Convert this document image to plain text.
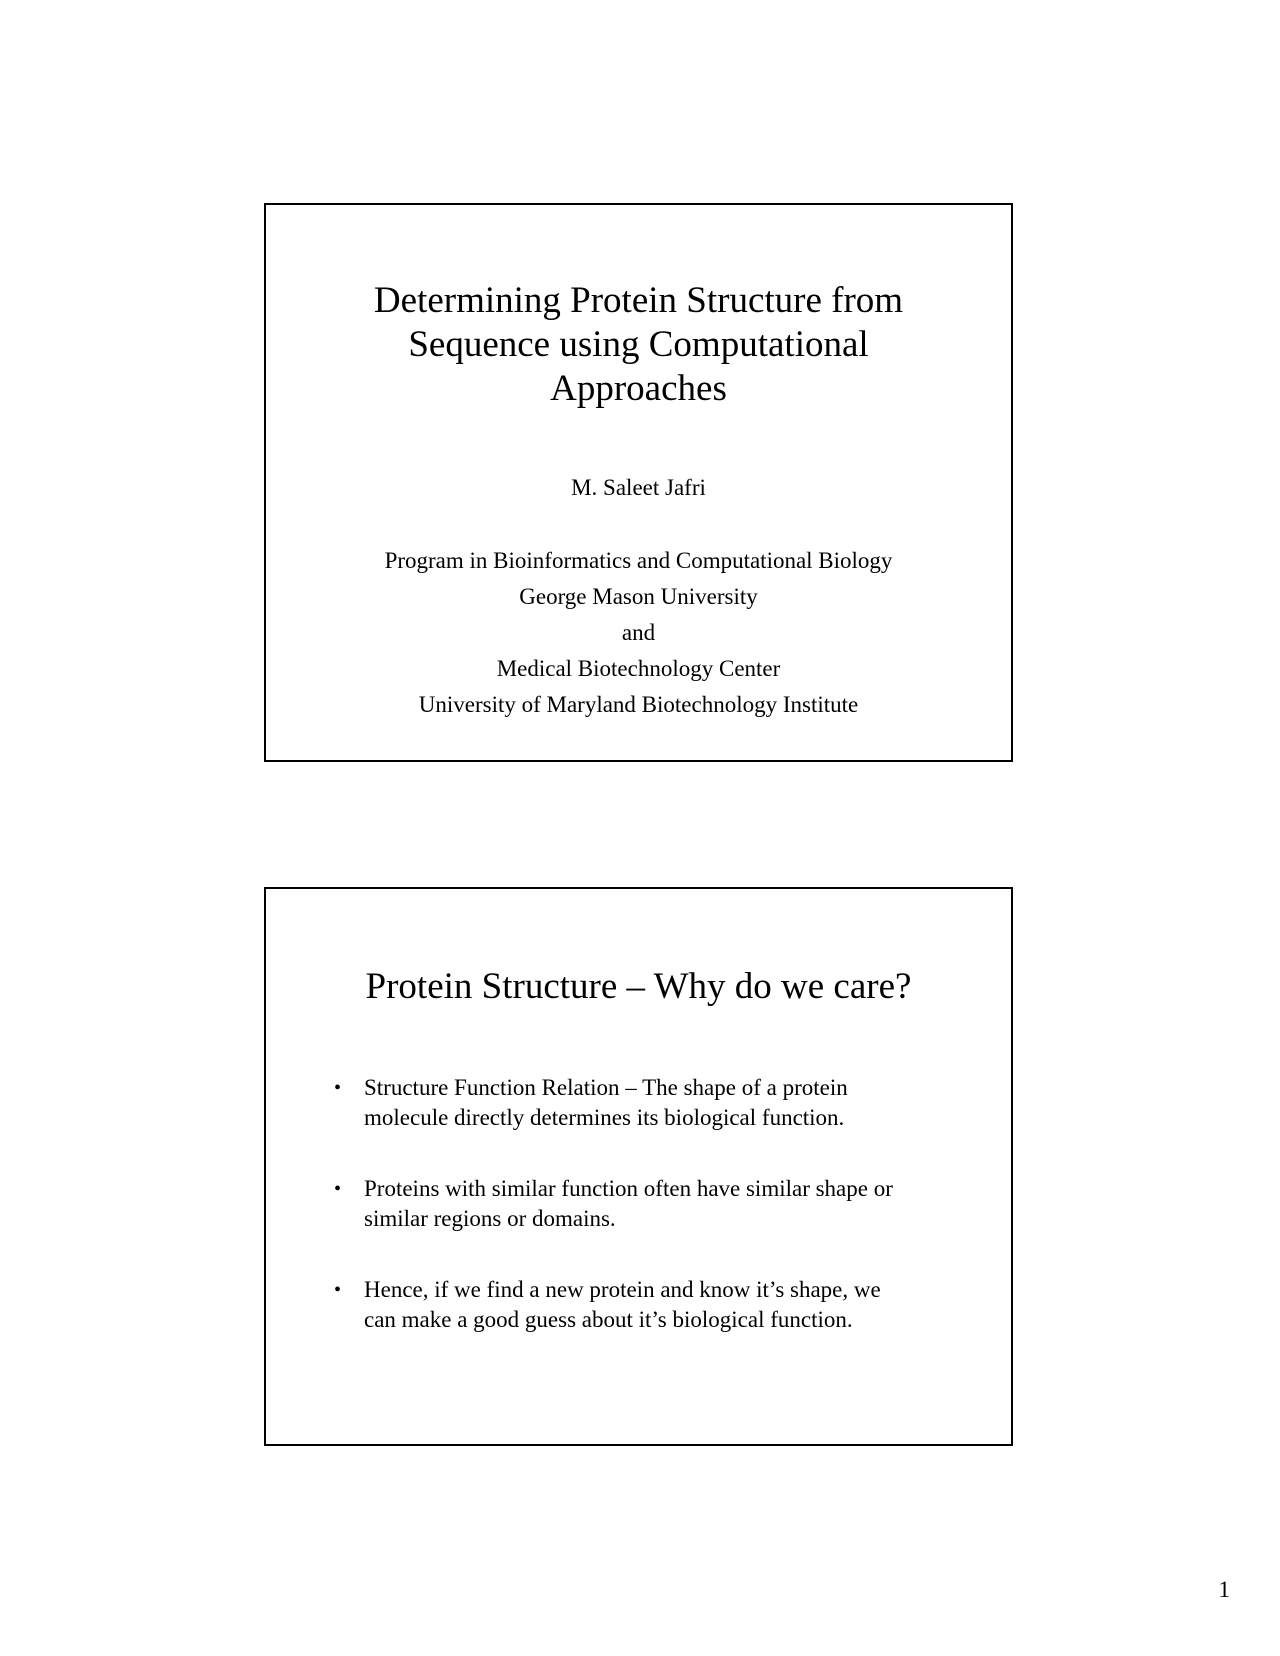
Determining Protein Structure from
Sequence using Computational
Approaches
M. Saleet Jafri
Program in Bioinformatics and Computational Biology
George Mason University
and
Medical Biotechnology Center
University of Maryland Biotechnology Institute
Protein Structure – Why do we care?
• Structure Function Relation – The shape of a protein
molecule directly determines its biological function.
• Proteins with similar function often have similar shape or
similar regions or domains.
• Hence, if we find a new protein and know it’s shape, we
can make a good guess about it’s biological function.
1
